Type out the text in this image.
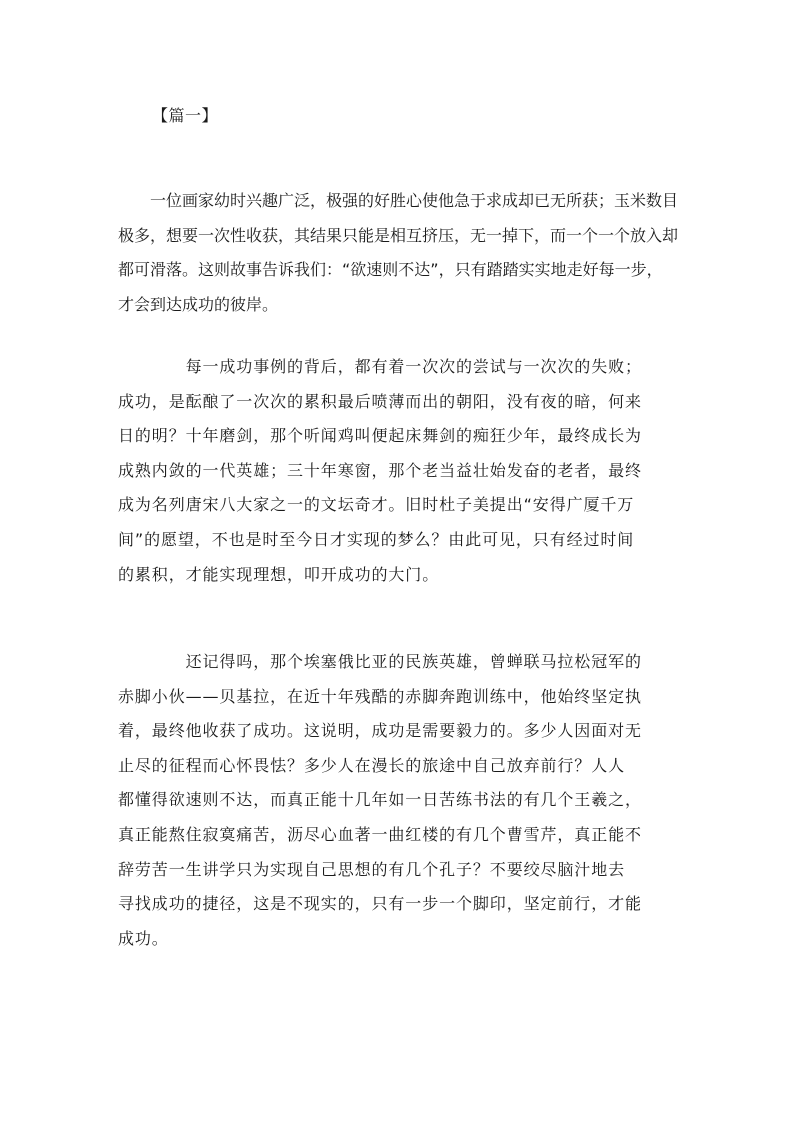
【篇一】
　　一位画家幼时兴趣广泛，极强的好胜心使他急于求成却已无所获；玉米数目
极多，想要一次性收获，其结果只能是相互挤压，无一掉下，而一个一个放入却
都可滑落。这则故事告诉我们：“欲速则不达”，只有踏踏实实地走好每一步，
才会到达成功的彼岸。
　　　　每一成功事例的背后，都有着一次次的尝试与一次次的失败；
成功，是酝酿了一次次的累积最后喷薄而出的朝阳，没有夜的暗，何来
日的明？十年磨剑，那个听闻鸡叫便起床舞剑的痴狂少年，最终成长为
成熟内敛的一代英雄；三十年寒窗，那个老当益壮始发奋的老者，最终
成为名列唐宋八大家之一的文坛奇才。旧时杜子美提出“安得广厦千万
间”的愿望，不也是时至今日才实现的梦么？由此可见，只有经过时间
的累积，才能实现理想，叩开成功的大门。
　　　　还记得吗，那个埃塞俄比亚的民族英雄，曾蝉联马拉松冠军的
赤脚小伙——贝基拉，在近十年残酷的赤脚奔跑训练中，他始终坚定执
着，最终他收获了成功。这说明，成功是需要毅力的。多少人因面对无
止尽的征程而心怀畏怯？多少人在漫长的旅途中自己放弃前行？人人
都懂得欲速则不达，而真正能十几年如一日苦练书法的有几个王羲之，
真正能熬住寂寞痛苦，沥尽心血著一曲红楼的有几个曹雪芹，真正能不
辞劳苦一生讲学只为实现自己思想的有几个孔子？不要绞尽脑汁地去
寻找成功的捷径，这是不现实的，只有一步一个脚印，坚定前行，才能
成功。
